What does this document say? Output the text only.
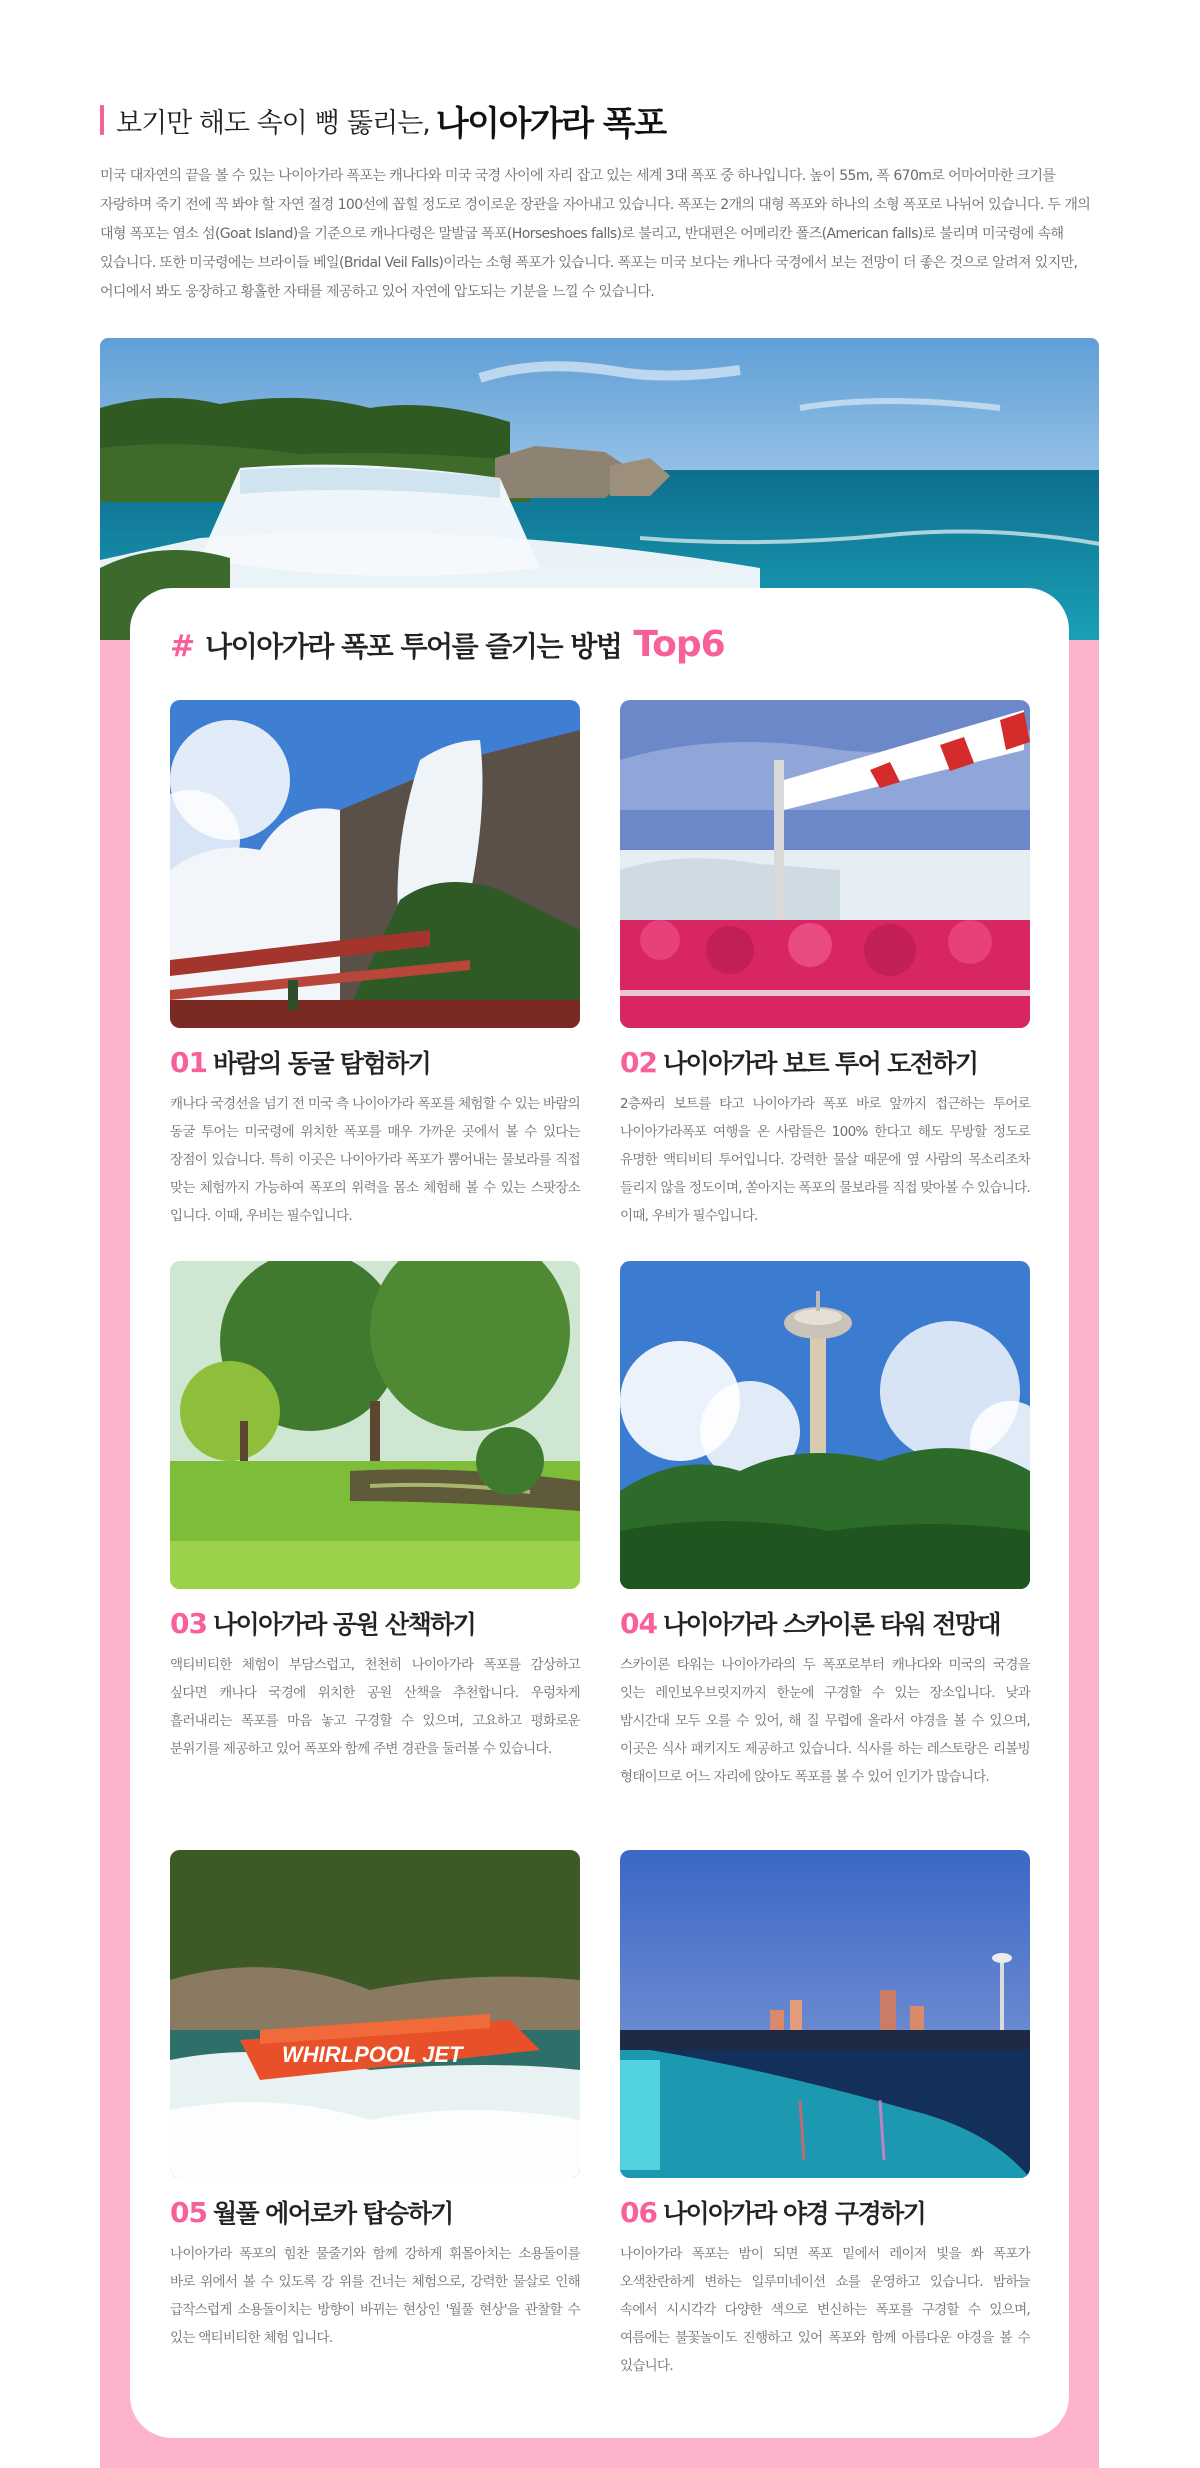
보기만 해도 속이 뻥 뚫리는, 나이아가라 폭포

미국 대자연의 끝을 볼 수 있는 나이아가라 폭포는 캐나다와 미국 국경 사이에 자리 잡고 있는 세계 3대 폭포 중 하나입니다. 높이 55m, 폭 670m로 어마어마한 크기를 자랑하며 죽기 전에 꼭 봐야 할 자연 절경 100선에 꼽힐 정도로 경이로운 장관을 자아내고 있습니다. 폭포는 2개의 대형 폭포와 하나의 소형 폭포로 나뉘어 있습니다. 두 개의 대형 폭포는 염소 섬(Goat Island)을 기준으로 캐나다령은 말발굽 폭포(Horseshoes falls)로 불리고, 반대편은 어메리칸 폴즈(American falls)로 불리며 미국령에 속해 있습니다. 또한 미국령에는 브라이들 베일(Bridal Veil Falls)이라는 소형 폭포가 있습니다. 폭포는 미국 보다는 캐나다 국경에서 보는 전망이 더 좋은 것으로 알려져 있지만, 어디에서 봐도 웅장하고 황홀한 자태를 제공하고 있어 자연에 압도되는 기분을 느낄 수 있습니다.

# 나이아가라 폭포 투어를 즐기는 방법 Top6
01 바람의 동굴 탐험하기

캐나다 국경선을 넘기 전 미국 측 나이아가라 폭포를 체험할 수 있는 바람의 동굴 투어는 미국령에 위치한 폭포를 매우 가까운 곳에서 볼 수 있다는 장점이 있습니다. 특히 이곳은 나이아가라 폭포가 뿜어내는 물보라를 직접 맞는 체험까지 가능하여 폭포의 위력을 몸소 체험해 볼 수 있는 스팟장소 입니다. 이때, 우비는 필수입니다.

02 나이아가라 보트 투어 도전하기

2층짜리 보트를 타고 나이아가라 폭포 바로 앞까지 접근하는 투어로 나이아가라폭포 여행을 온 사람들은 100% 한다고 해도 무방할 정도로 유명한 액티비티 투어입니다. 강력한 물살 때문에 옆 사람의 목소리조차 들리지 않을 정도이며, 쏟아지는 폭포의 물보라를 직접 맞아볼 수 있습니다. 이때, 우비가 필수입니다.

03 나이아가라 공원 산책하기

액티비티한 체험이 부담스럽고, 천천히 나이아가라 폭포를 감상하고 싶다면 캐나다 국경에 위치한 공원 산책을 추천합니다. 우렁차게 흘러내리는 폭포를 마음 놓고 구경할 수 있으며, 고요하고 평화로운 분위기를 제공하고 있어 폭포와 함께 주변 경관을 둘러볼 수 있습니다.

04 나이아가라 스카이론 타워 전망대

스카이론 타워는 나이아가라의 두 폭포로부터 캐나다와 미국의 국경을 잇는 레인보우브릿지까지 한눈에 구경할 수 있는 장소입니다. 낮과 밤시간대 모두 오를 수 있어, 해 질 무렵에 올라서 야경을 볼 수 있으며, 이곳은 식사 패키지도 제공하고 있습니다. 식사를 하는 레스토랑은 리볼빙 형태이므로 어느 자리에 앉아도 폭포를 볼 수 있어 인기가 많습니다.

WHIRLPOOL JET
05 월풀 에어로카 탑승하기

나이아가라 폭포의 힘찬 물줄기와 함께 강하게 휘몰아치는 소용돌이를 바로 위에서 볼 수 있도록 강 위를 건너는 체험으로, 강력한 물살로 인해 급작스럽게 소용돌이치는 방향이 바뀌는 현상인 '월풀 현상'을 관찰할 수 있는 액티비티한 체험 입니다.

06 나이아가라 야경 구경하기

나이아가라 폭포는 밤이 되면 폭포 밑에서 레이저 빛을 쏴 폭포가 오색찬란하게 변하는 일루미네이션 쇼를 운영하고 있습니다. 밤하늘 속에서 시시각각 다양한 색으로 변신하는 폭포를 구경할 수 있으며, 여름에는 불꽃놀이도 진행하고 있어 폭포와 함께 아름다운 야경을 볼 수 있습니다.
